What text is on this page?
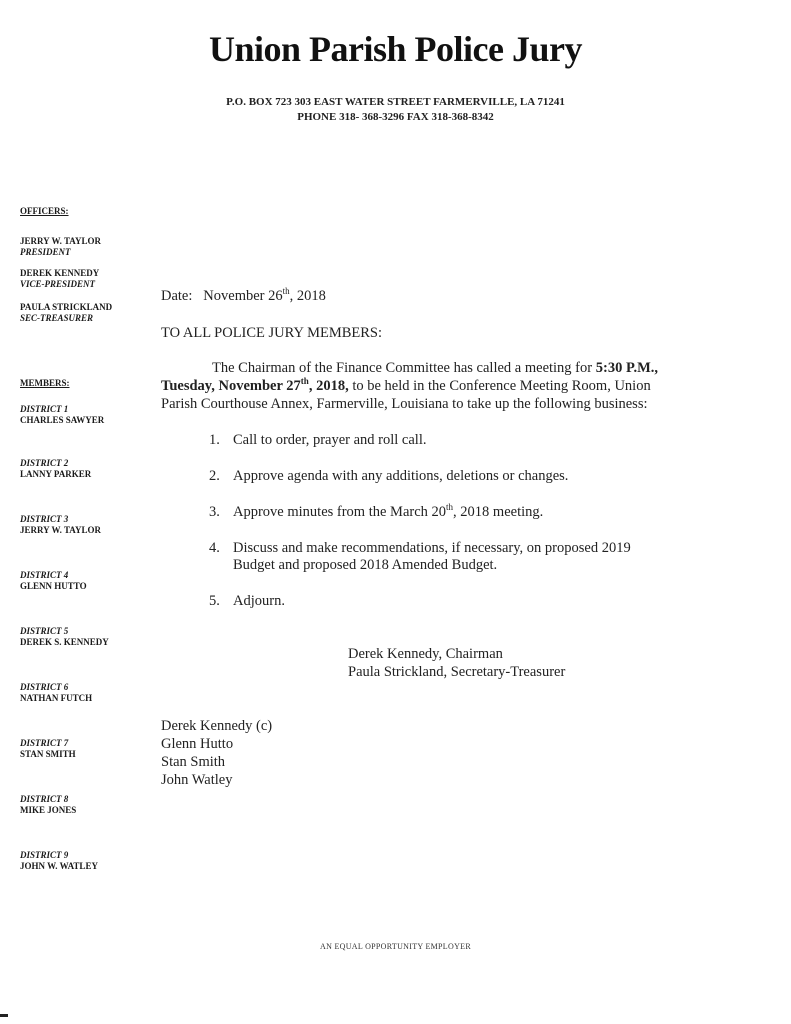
Union Parish Police Jury
P.O. BOX 723 303 EAST WATER STREET FARMERVILLE, LA 71241
PHONE 318- 368-3296 FAX 318-368-8342
OFFICERS:
JERRY W. TAYLOR
PRESIDENT
DEREK KENNEDY
VICE-PRESIDENT
PAULA STRICKLAND
SEC-TREASURER
MEMBERS:
DISTRICT 1
CHARLES SAWYER
DISTRICT 2
LANNY PARKER
DISTRICT 3
JERRY W. TAYLOR
DISTRICT 4
GLENN HUTTO
DISTRICT 5
DEREK S. KENNEDY
DISTRICT 6
NATHAN FUTCH
DISTRICT 7
STAN SMITH
DISTRICT 8
MIKE JONES
DISTRICT 9
JOHN W. WATLEY
Date: November 26th, 2018
TO ALL POLICE JURY MEMBERS:
The Chairman of the Finance Committee has called a meeting for 5:30 P.M.,
Tuesday, November 27th, 2018, to be held in the Conference Meeting Room, Union
Parish Courthouse Annex, Farmerville, Louisiana to take up the following business:
1. Call to order, prayer and roll call.
2. Approve agenda with any additions, deletions or changes.
3. Approve minutes from the March 20th, 2018 meeting.
4. Discuss and make recommendations, if necessary, on proposed 2019
Budget and proposed 2018 Amended Budget.
5. Adjourn.
Derek Kennedy, Chairman
Paula Strickland, Secretary-Treasurer
Derek Kennedy (c)
Glenn Hutto
Stan Smith
John Watley
AN EQUAL OPPORTUNITY EMPLOYER
